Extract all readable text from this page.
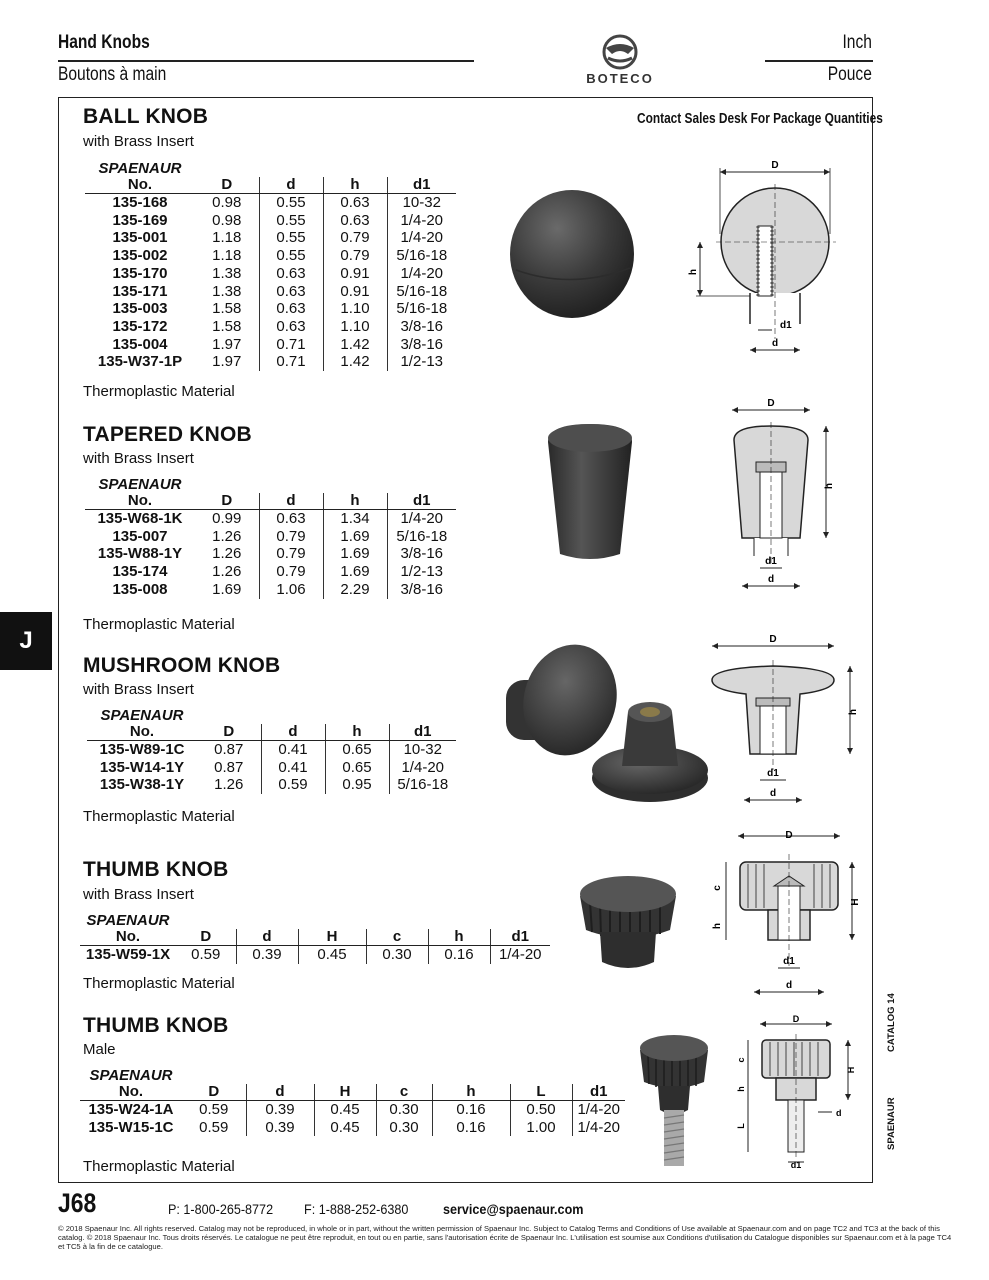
Hand Knobs
Boutons à main	BOTECO
Inch
Pouce
Contact Sales Desk For Package Quantities
J
BALL KNOB
with Brass Insert
SPAENAUR				
No.	D	d	h	d1
135-168	0.98	0.55	0.63	10-32
135-169	0.98	0.55	0.63	1/4-20
135-001	1.18	0.55	0.79	1/4-20
135-002	1.18	0.55	0.79	5/16-18
135-170	1.38	0.63	0.91	1/4-20
135-171	1.38	0.63	0.91	5/16-18
135-003	1.58	0.63	1.10	5/16-18
135-172	1.58	0.63	1.10	3/8-16
135-004	1.97	0.71	1.42	3/8-16
135-W37-1P	1.97	0.71	1.42	1/2-13
Thermoplastic Material
D
h
d1
d
TAPERED KNOB
with Brass Insert
SPAENAUR				
No.	D	d	h	d1
135-W68-1K	0.99	0.63	1.34	1/4-20
135-007	1.26	0.79	1.69	5/16-18
135-W88-1Y	1.26	0.79	1.69	3/8-16
135-174	1.26	0.79	1.69	1/2-13
135-008	1.69	1.06	2.29	3/8-16
Thermoplastic Material
D
h
d1
d
MUSHROOM KNOB
with Brass Insert
SPAENAUR				
No.	D	d	h	d1
135-W89-1C	0.87	0.41	0.65	10-32
135-W14-1Y	0.87	0.41	0.65	1/4-20
135-W38-1Y	1.26	0.59	0.95	5/16-18
Thermoplastic Material
D
h
d1
d
THUMB KNOB
with Brass Insert
SPAENAUR						
No.	D	d	H	c	h	d1
135-W59-1X	0.59	0.39	0.45	0.30	0.16	1/4-20
Thermoplastic Material
D
c
h
H
d1
d
THUMB KNOB
Male
SPAENAUR							
No.	D	d	H	c	h	L	d1
135-W24-1A	0.59	0.39	0.45	0.30	0.16	0.50	1/4-20
135-W15-1C	0.59	0.39	0.45	0.30	0.16	1.00	1/4-20
Thermoplastic Material
D
c
h
L
H
d
d1
CATALOG 14
SPAENAUR
J68	P: 1-800-265-8772 F: 1-888-252-6380 service@spaenaur.com
© 2018 Spaenaur Inc. All rights reserved. Catalog may not be reproduced, in whole or in part, without the written permission of Spaenaur Inc. Subject to Catalog Terms and Conditions of Use available at Spaenaur.com and on page TC2 and TC3 at the back of this catalog. © 2018 Spaenaur Inc. Tous droits réservés. Le catalogue ne peut être reproduit, en tout ou en partie, sans l'autorisation écrite de Spaenaur Inc. L'utilisation est soumise aux Conditions d'utilisation du Catalogue disponibles sur Spaenaur.com et à la page TC4 et TC5 à la fin de ce catalogue.
